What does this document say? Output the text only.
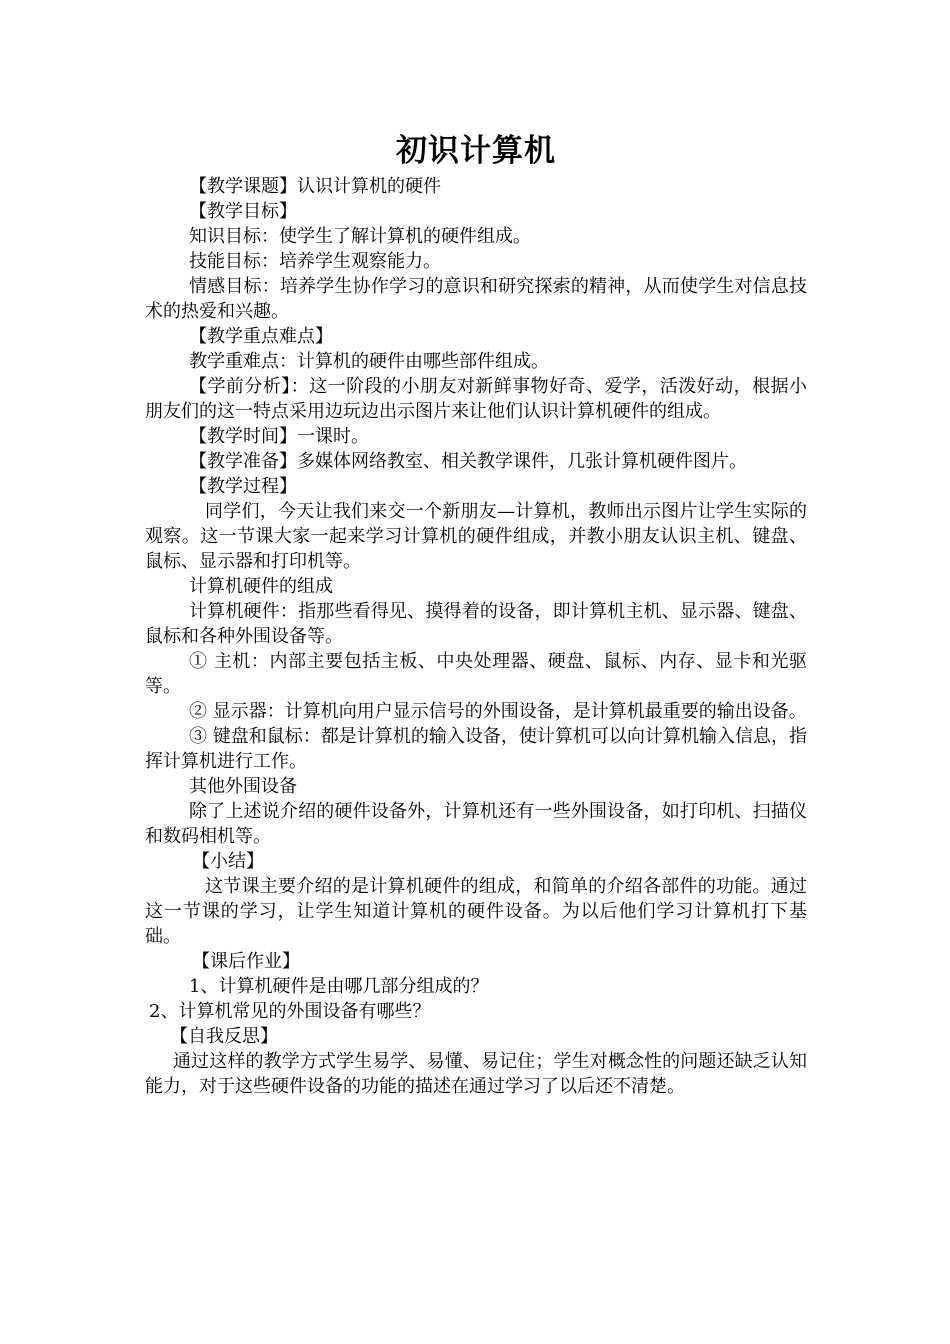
初识计算机

【教学课题】认识计算机的硬件

【教学目标】

知识目标：使学生了解计算机的硬件组成。

技能目标：培养学生观察能力。

情感目标：培养学生协作学习的意识和研究探索的精神，从而使学生对信息技术的热爱和兴趣。

【教学重点难点】

教学重难点：计算机的硬件由哪些部件组成。

【学前分析】：这一阶段的小朋友对新鲜事物好奇、爱学，活泼好动，根据小朋友们的这一特点采用边玩边出示图片来让他们认识计算机硬件的组成。

【教学时间】一课时。

【教学准备】多媒体网络教室、相关教学课件，几张计算机硬件图片。

【教学过程】

同学们，今天让我们来交一个新朋友—计算机，教师出示图片让学生实际的观察。这一节课大家一起来学习计算机的硬件组成，并教小朋友认识主机、键盘、鼠标、显示器和打印机等。

计算机硬件的组成

计算机硬件：指那些看得见、摸得着的设备，即计算机主机、显示器、键盘、鼠标和各种外围设备等。

① 主机：内部主要包括主板、中央处理器、硬盘、鼠标、内存、显卡和光驱等。

② 显示器：计算机向用户显示信号的外围设备，是计算机最重要的输出设备。

③ 键盘和鼠标：都是计算机的输入设备，使计算机可以向计算机输入信息，指挥计算机进行工作。

其他外围设备

除了上述说介绍的硬件设备外，计算机还有一些外围设备，如打印机、扫描仪和数码相机等。

【小结】

这节课主要介绍的是计算机硬件的组成，和简单的介绍各部件的功能。通过这一节课的学习，让学生知道计算机的硬件设备。为以后他们学习计算机打下基础。

【课后作业】

1、计算机硬件是由哪几部分组成的？

2、计算机常见的外围设备有哪些？

【自我反思】

通过这样的教学方式学生易学、易懂、易记住；学生对概念性的问题还缺乏认知能力，对于这些硬件设备的功能的描述在通过学习了以后还不清楚。
